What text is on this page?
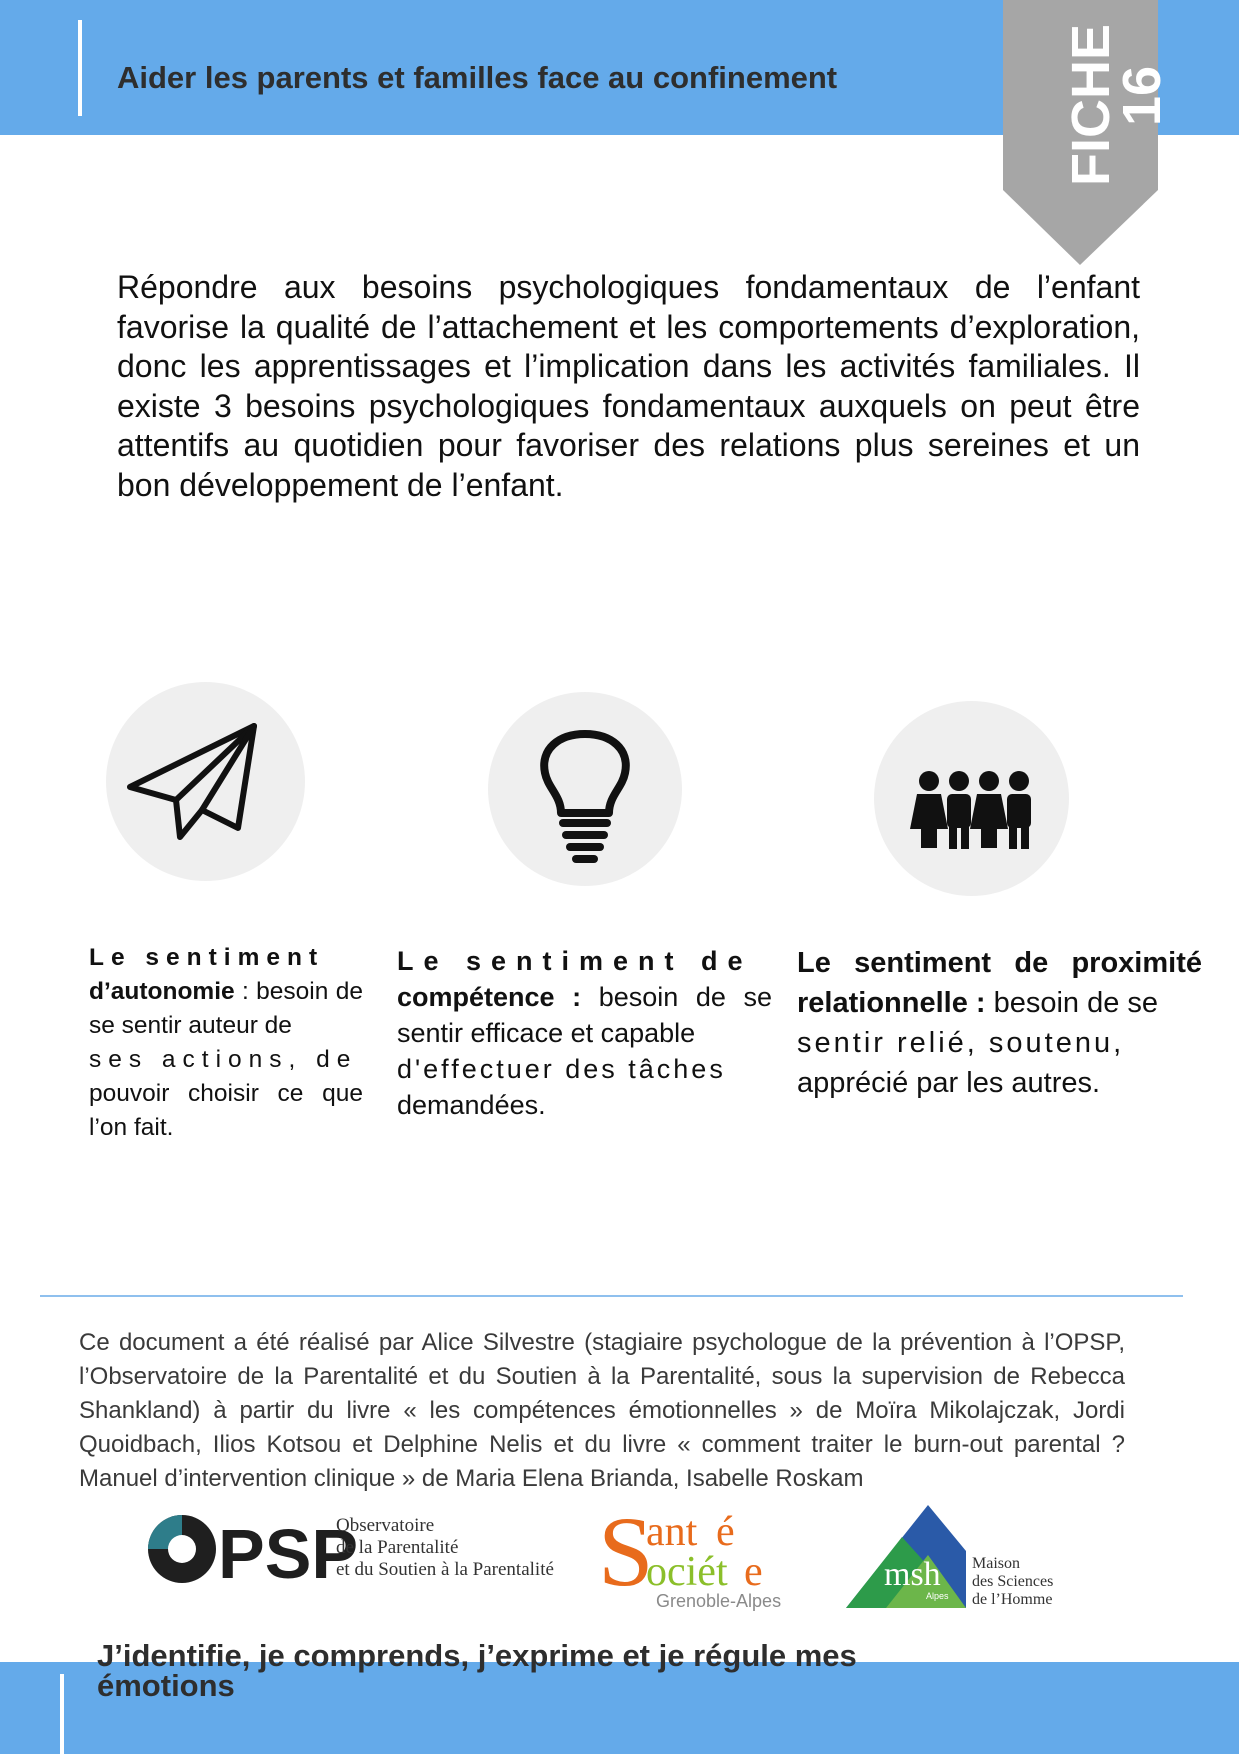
Aider les parents et familles face au confinement	FICHE
16

Répondre aux besoins psychologiques fondamentaux de l’enfant favorise la qualité de l’attachement et les comportements d’exploration, donc les apprentissages et l’implication dans les activités familiales. Il existe 3 besoins psychologiques fondamentaux auxquels on peut être attentifs au quotidien pour favoriser des relations plus sereines et un bon développement de l’enfant.

Le sentiment
d’autonomie : besoin de se sentir auteur de
ses actions, de
pouvoir choisir ce que l’on fait.

Le sentiment de
compétence : besoin de se sentir efficace et capable
d'effectuer des tâches
demandées.

Le sentiment de proximité relationnelle : besoin de se
sentir relié, soutenu,
apprécié par les autres.

Ce document a été réalisé par Alice Silvestre (stagiaire psychologue de la prévention à l’OPSP, l’Observatoire de la Parentalité et du Soutien à la Parentalité, sous la supervision de Rebecca Shankland) à partir du livre « les compétences émotionnelles » de Moïra Mikolajczak, Jordi Quoidbach, Ilios Kotsou et Delphine Nelis et du livre « comment traiter le burn-out parental ? Manuel d’intervention clinique » de Maria Elena Brianda, Isabelle Roskam

PSP
Observatoire
de la Parentalité
et du Soutien à la Parentalité S
ant é
ociét e
Grenoble-Alpes
msh
Alpes
Maison
des Sciences
de l’Homme

J’identifie, je comprends, j’exprime et je régule mes émotions
